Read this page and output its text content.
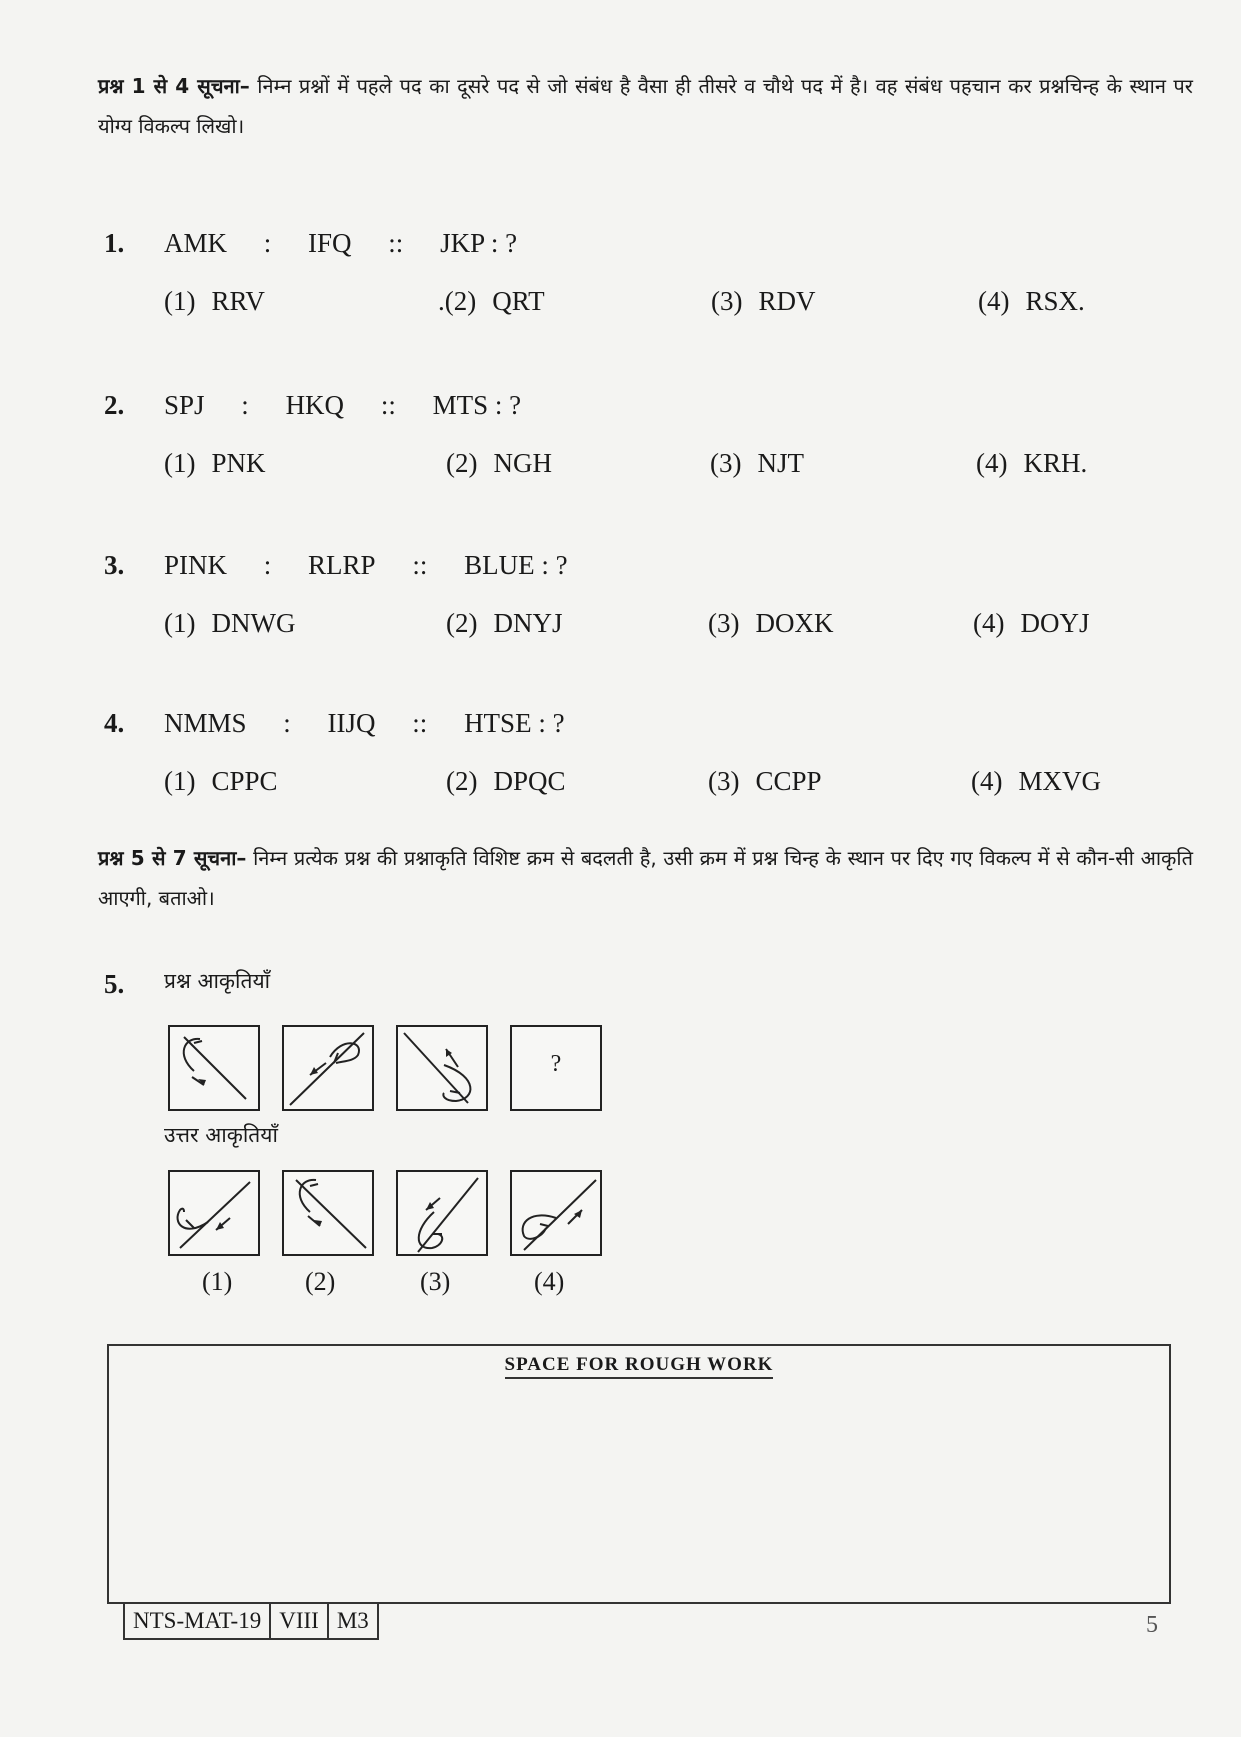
प्रश्न 1 से 4 सूचना– निम्न प्रश्नों में पहले पद का दूसरे पद से जो संबंध है वैसा ही तीसरे व चौथे पद में है। वह संबंध पहचान कर प्रश्नचिन्ह के स्थान पर योग्य विकल्प लिखो।
1. AMK : IFQ :: JKP : ?
(1) RRV	.(2) QRT	(3) RDV	(4) RSX.
2. SPJ : HKQ :: MTS : ?
(1) PNK	(2) NGH	(3) NJT	(4) KRH.
3. PINK : RLRP :: BLUE : ?
(1) DNWG	(2) DNYJ	(3) DOXK	(4) DOYJ
4. NMMS : IIJQ :: HTSE : ?
(1) CPPC	(2) DPQC	(3) CCPP	(4) MXVG
प्रश्न 5 से 7 सूचना– निम्न प्रत्येक प्रश्न की प्रश्नाकृति विशिष्ट क्रम से बदलती है, उसी क्रम में प्रश्न चिन्ह के स्थान पर दिए गए विकल्प में से कौन-सी आकृति आएगी, बताओ।
5. प्रश्न आकृतियाँ
?
उत्तर आकृतियाँ
(1)	(2)	(3)	(4)
SPACE FOR ROUGH WORK
NTS-MAT-19 VIII M3	5
